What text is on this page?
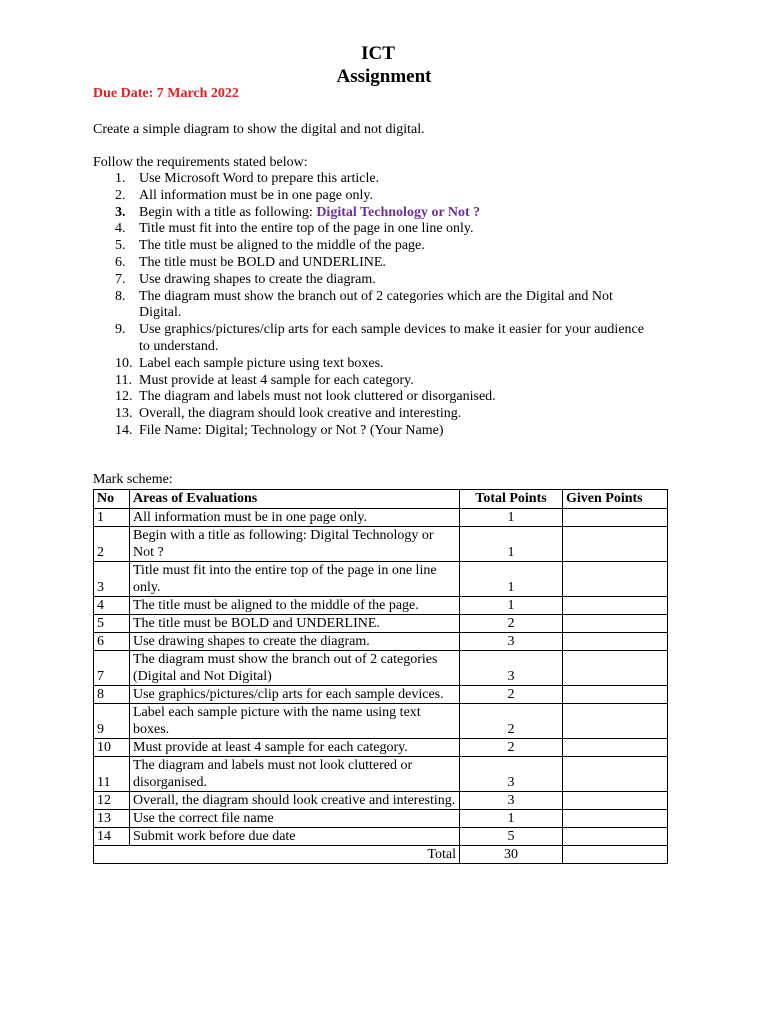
ICT
Assignment
Due Date: 7 March 2022
Create a simple diagram to show the digital and not digital.
Follow the requirements stated below:
1. Use Microsoft Word to prepare this article.
2. All information must be in one page only.
3. Begin with a title as following: Digital Technology or Not ?
4. Title must fit into the entire top of the page in one line only.
5. The title must be aligned to the middle of the page.
6. The title must be BOLD and UNDERLINE.
7. Use drawing shapes to create the diagram.
8. The diagram must show the branch out of 2 categories which are the Digital and Not Digital.
9. Use graphics/pictures/clip arts for each sample devices to make it easier for your audience to understand.
10. Label each sample picture using text boxes.
11. Must provide at least 4 sample for each category.
12. The diagram and labels must not look cluttered or disorganised.
13. Overall, the diagram should look creative and interesting.
14. File Name: Digital; Technology or Not ? (Your Name)
Mark scheme:
No	Areas of Evaluations	Total Points	Given Points
1	All information must be in one page only.	1	
2	Begin with a title as following: Digital Technology or Not ?	1	
3	Title must fit into the entire top of the page in one line only.	1	
4	The title must be aligned to the middle of the page.	1	
5	The title must be BOLD and UNDERLINE.	2	
6	Use drawing shapes to create the diagram.	3	
7	The diagram must show the branch out of 2 categories (Digital and Not Digital)	3	
8	Use graphics/pictures/clip arts for each sample devices.	2	
9	Label each sample picture with the name using text boxes.	2	
10	Must provide at least 4 sample for each category.	2	
11	The diagram and labels must not look cluttered or disorganised.	3	
12	Overall, the diagram should look creative and interesting.	3	
13	Use the correct file name	1	
14	Submit work before due date	5	
	Total	30	
